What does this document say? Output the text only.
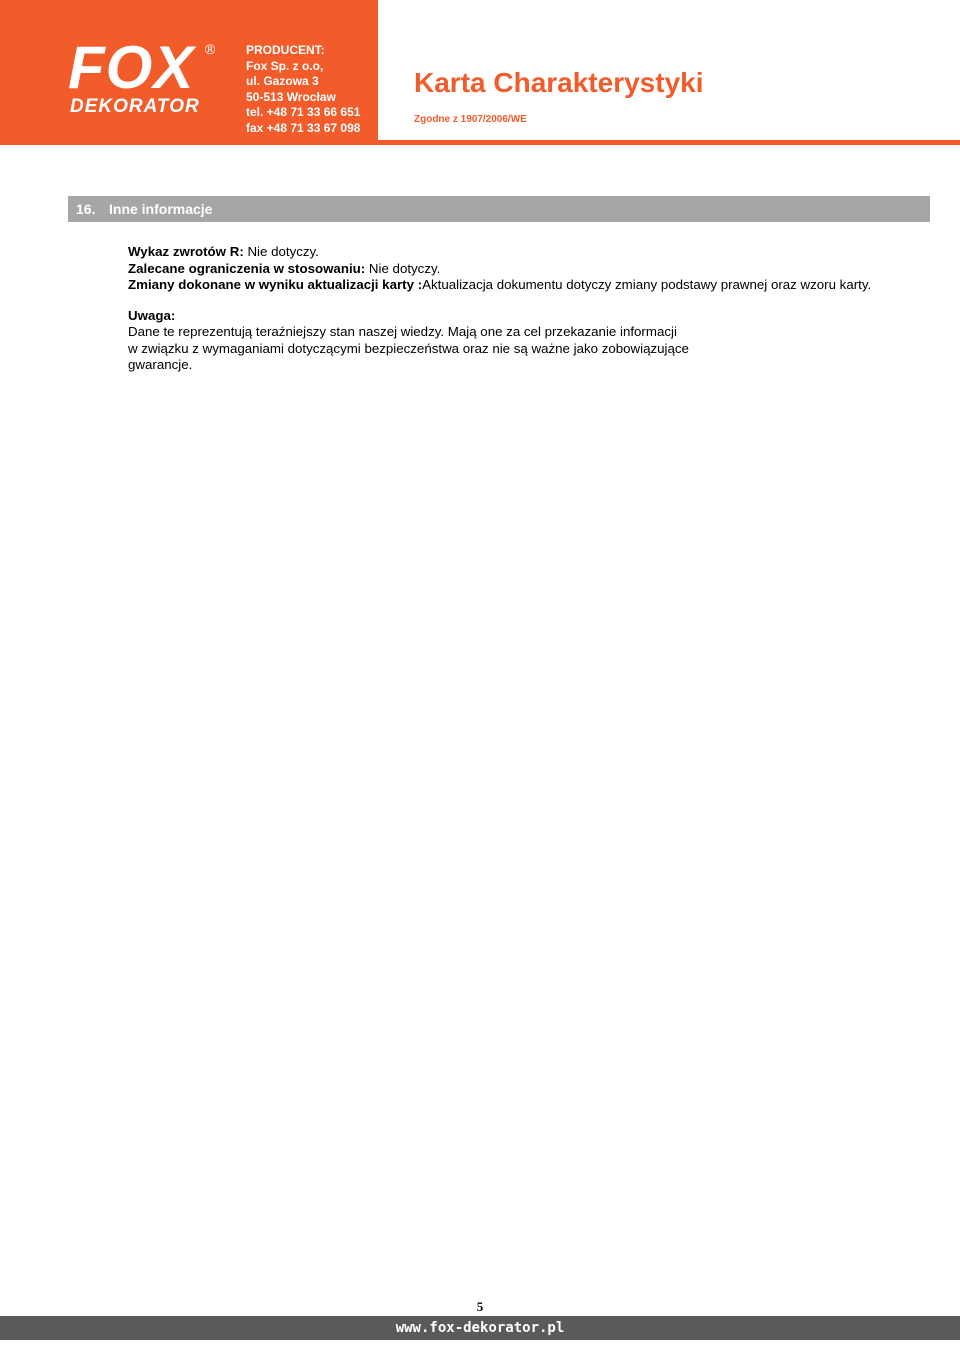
FOX ®
DEKORATOR
PRODUCENT:
Fox Sp. z o.o,
ul. Gazowa 3
50-513 Wrocław
tel. +48 71 33 66 651
fax +48 71 33 67 098
Karta Charakterystyki
Zgodne z 1907/2006/WE
16. Inne informacje

Wykaz zwrotów R: Nie dotyczy.

Zalecane ograniczenia w stosowaniu: Nie dotyczy.

Zmiany dokonane w wyniku aktualizacji karty :Aktualizacja dokumentu dotyczy zmiany podstawy prawnej oraz wzoru karty.

Uwaga:

Dane te reprezentują teraźniejszy stan naszej wiedzy. Mają one za cel przekazanie informacji

w związku z wymaganiami dotyczącymi bezpieczeństwa oraz nie są ważne jako zobowiązujące

gwarancje.

5
www.fox-dekorator.pl
